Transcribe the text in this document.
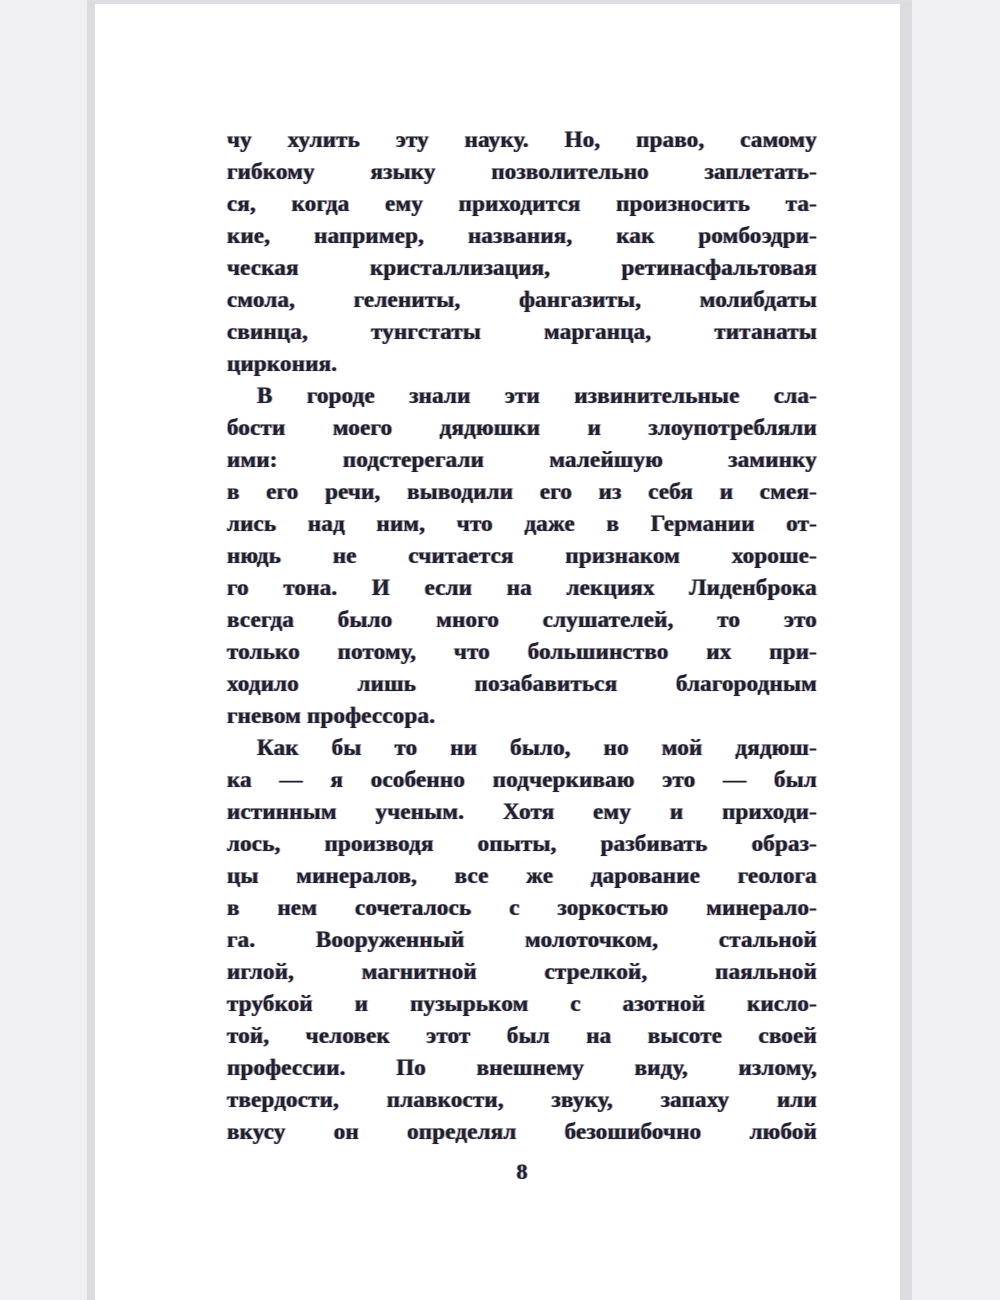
чу хулить эту науку. Но, право, самому
гибкому языку позволительно заплетать-
ся, когда ему приходится произносить та-
кие, например, названия, как ромбоэдри-
ческая кристаллизация, ретинасфальтовая
смола, гелениты, фангазиты, молибдаты
свинца, тунгстаты марганца, титанаты
циркония.
В городе знали эти извинительные сла-
бости моего дядюшки и злоупотребляли
ими: подстерегали малейшую заминку
в его речи, выводили его из себя и смея-
лись над ним, что даже в Германии от-
нюдь не считается признаком хороше-
го тона. И если на лекциях Лиденброка
всегда было много слушателей, то это
только потому, что большинство их при-
ходило лишь позабавиться благородным
гневом профессора.
Как бы то ни было, но мой дядюш-
ка — я особенно подчеркиваю это — был
истинным ученым. Хотя ему и приходи-
лось, производя опыты, разбивать образ-
цы минералов, все же дарование геолога
в нем сочеталось с зоркостью минерало-
га. Вооруженный молоточком, стальной
иглой, магнитной стрелкой, паяльной
трубкой и пузырьком с азотной кисло-
той, человек этот был на высоте своей
профессии. По внешнему виду, излому,
твердости, плавкости, звуку, запаху или
вкусу он определял безошибочно любой
8
